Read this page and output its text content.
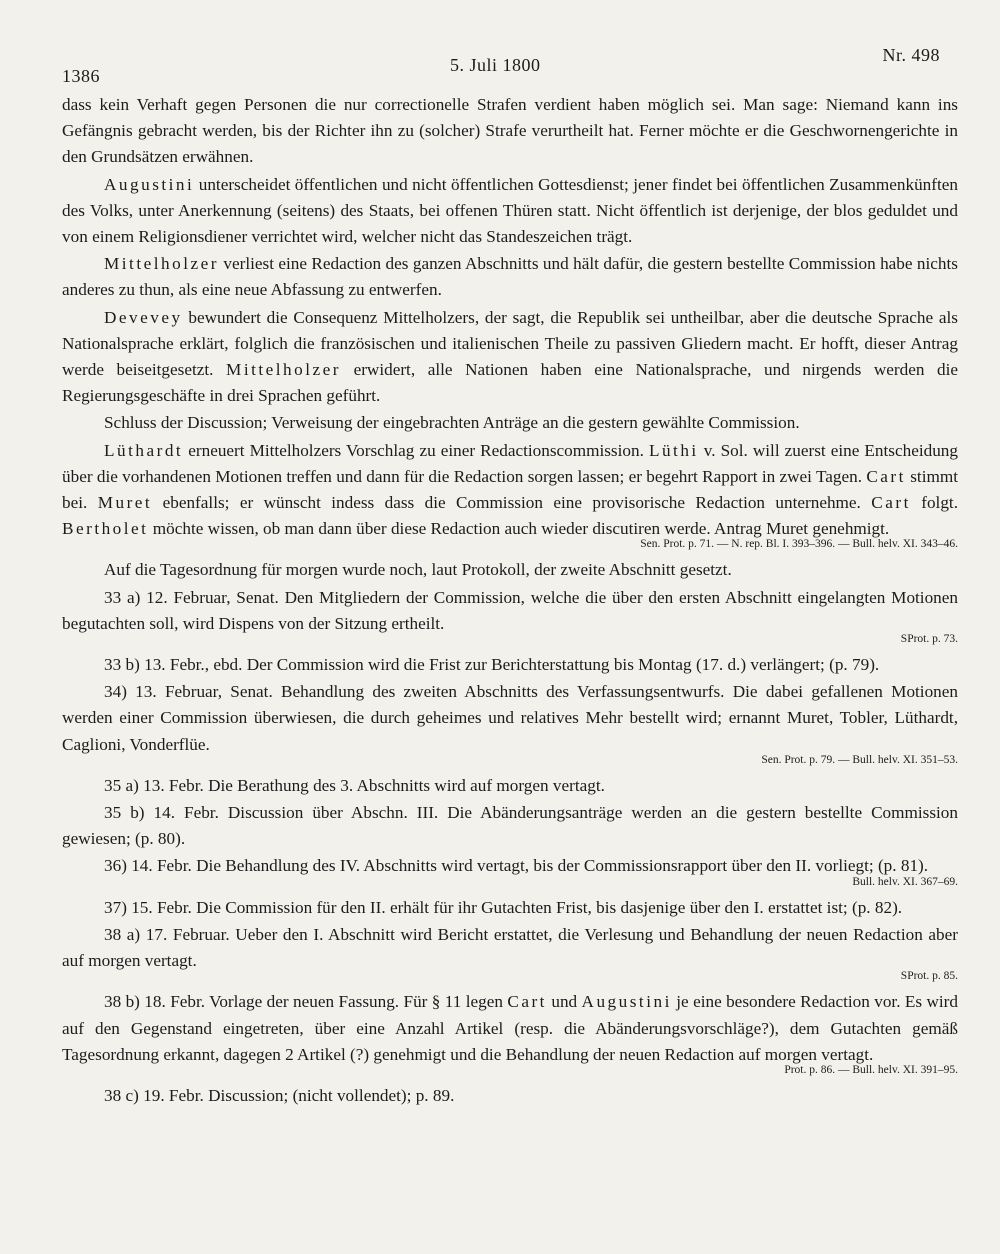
1386
5. Juli 1800	Nr. 498

dass kein Verhaft gegen Personen die nur correctionelle Strafen verdient haben möglich sei. Man sage: Niemand kann ins Gefängnis gebracht werden, bis der Richter ihn zu (solcher) Strafe verurtheilt hat. Ferner möchte er die Geschwornengerichte in den Grundsätzen erwähnen.

Augustini unterscheidet öffentlichen und nicht öffentlichen Gottesdienst; jener findet bei öffentlichen Zusammenkünften des Volks, unter Anerkennung (seitens) des Staats, bei offenen Thüren statt. Nicht öffentlich ist derjenige, der blos geduldet und von einem Religionsdiener verrichtet wird, welcher nicht das Standeszeichen trägt.

Mittelholzer verliest eine Redaction des ganzen Abschnitts und hält dafür, die gestern bestellte Commission habe nichts anderes zu thun, als eine neue Abfassung zu entwerfen.

Devevey bewundert die Consequenz Mittelholzers, der sagt, die Republik sei untheilbar, aber die deutsche Sprache als Nationalsprache erklärt, folglich die französischen und italienischen Theile zu passiven Gliedern macht. Er hofft, dieser Antrag werde beiseitgesetzt. Mittelholzer erwidert, alle Nationen haben eine Nationalsprache, und nirgends werden die Regierungsgeschäfte in drei Sprachen geführt.

Schluss der Discussion; Verweisung der eingebrachten Anträge an die gestern gewählte Commission.

Lüthardt erneuert Mittelholzers Vorschlag zu einer Redactionscommission. Lüthi v. Sol. will zuerst eine Entscheidung über die vorhandenen Motionen treffen und dann für die Redaction sorgen lassen; er begehrt Rapport in zwei Tagen. Cart stimmt bei. Muret ebenfalls; er wünscht indess dass die Commission eine provisorische Redaction unternehme. Cart folgt. Bertholet möchte wissen, ob man dann über diese Redaction auch wieder discutiren werde. Antrag Muret genehmigt.

Sen. Prot. p. 71. — N. rep. Bl. I. 393–396. — Bull. helv. XI. 343–46.

Auf die Tagesordnung für morgen wurde noch, laut Protokoll, der zweite Abschnitt gesetzt.

33 a) 12. Februar, Senat. Den Mitgliedern der Commission, welche die über den ersten Abschnitt eingelangten Motionen begutachten soll, wird Dispens von der Sitzung ertheilt.

SProt. p. 73.

33 b) 13. Febr., ebd. Der Commission wird die Frist zur Berichterstattung bis Montag (17. d.) verlängert; (p. 79).

34) 13. Februar, Senat. Behandlung des zweiten Abschnitts des Verfassungsentwurfs. Die dabei gefallenen Motionen werden einer Commission überwiesen, die durch geheimes und relatives Mehr bestellt wird; ernannt Muret, Tobler, Lüthardt, Caglioni, Vonderflüe.

Sen. Prot. p. 79. — Bull. helv. XI. 351–53.

35 a) 13. Febr. Die Berathung des 3. Abschnitts wird auf morgen vertagt.

35 b) 14. Febr. Discussion über Abschn. III. Die Abänderungsanträge werden an die gestern bestellte Commission gewiesen; (p. 80).

36) 14. Febr. Die Behandlung des IV. Abschnitts wird vertagt, bis der Commissionsrapport über den II. vorliegt; (p. 81).

Bull. helv. XI. 367–69.

37) 15. Febr. Die Commission für den II. erhält für ihr Gutachten Frist, bis dasjenige über den I. erstattet ist; (p. 82).

38 a) 17. Februar. Ueber den I. Abschnitt wird Bericht erstattet, die Verlesung und Behandlung der neuen Redaction aber auf morgen vertagt.

SProt. p. 85.

38 b) 18. Febr. Vorlage der neuen Fassung. Für § 11 legen Cart und Augustini je eine besondere Redaction vor. Es wird auf den Gegenstand eingetreten, über eine Anzahl Artikel (resp. die Abänderungsvorschläge?), dem Gutachten gemäß Tagesordnung erkannt, dagegen 2 Artikel (?) genehmigt und die Behandlung der neuen Redaction auf morgen vertagt.

Prot. p. 86. — Bull. helv. XI. 391–95.

38 c) 19. Febr. Discussion; (nicht vollendet); p. 89.
